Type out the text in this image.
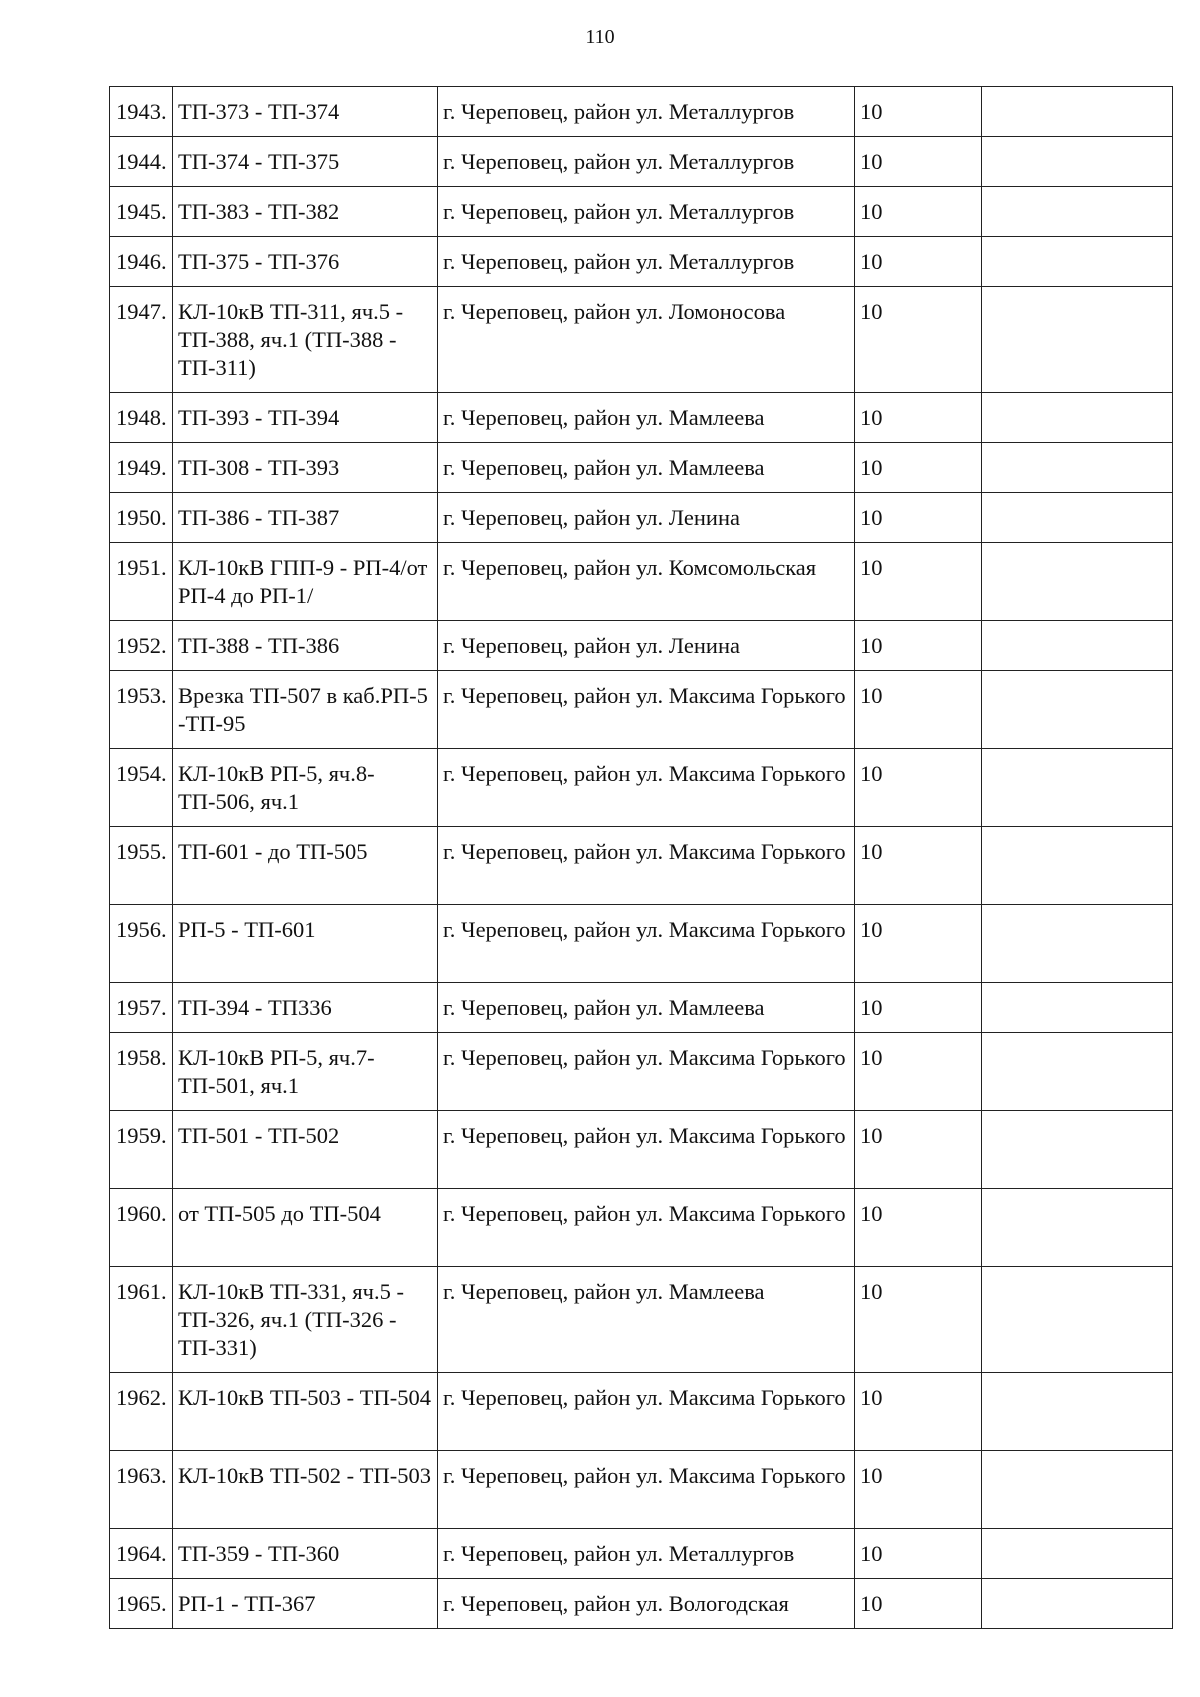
110
1943.	ТП-373 - ТП-374	г. Череповец, район ул. Металлургов	10	
1944.	ТП-374 - ТП-375	г. Череповец, район ул. Металлургов	10	
1945.	ТП-383 - ТП-382	г. Череповец, район ул. Металлургов	10	
1946.	ТП-375 - ТП-376	г. Череповец, район ул. Металлургов	10	
1947.	КЛ-10кВ ТП-311, яч.5 - ТП-388, яч.1 (ТП-388 - ТП-311)	г. Череповец, район ул. Ломоносова	10	
1948.	ТП-393 - ТП-394	г. Череповец, район ул. Мамлеева	10	
1949.	ТП-308 - ТП-393	г. Череповец, район ул. Мамлеева	10	
1950.	ТП-386 - ТП-387	г. Череповец, район ул. Ленина	10	
1951.	КЛ-10кВ ГПП-9 - РП-4/от РП-4 до РП-1/	г. Череповец, район ул. Комсомольская	10	
1952.	ТП-388 - ТП-386	г. Череповец, район ул. Ленина	10	
1953.	Врезка ТП-507 в каб.РП-5 -ТП-95	г. Череповец, район ул. Максима Горького	10	
1954.	КЛ-10кВ РП-5, яч.8-ТП-506, яч.1	г. Череповец, район ул. Максима Горького	10	
1955.	ТП-601 - до ТП-505	г. Череповец, район ул. Максима Горького	10	
1956.	РП-5 - ТП-601	г. Череповец, район ул. Максима Горького	10	
1957.	ТП-394 - ТП336	г. Череповец, район ул. Мамлеева	10	
1958.	КЛ-10кВ РП-5, яч.7-ТП-501, яч.1	г. Череповец, район ул. Максима Горького	10	
1959.	ТП-501 - ТП-502	г. Череповец, район ул. Максима Горького	10	
1960.	от ТП-505 до ТП-504	г. Череповец, район ул. Максима Горького	10	
1961.	КЛ-10кВ ТП-331, яч.5 - ТП-326, яч.1 (ТП-326 - ТП-331)	г. Череповец, район ул. Мамлеева	10	
1962.	КЛ-10кВ ТП-503 - ТП-504	г. Череповец, район ул. Максима Горького	10	
1963.	КЛ-10кВ ТП-502 - ТП-503	г. Череповец, район ул. Максима Горького	10	
1964.	ТП-359 - ТП-360	г. Череповец, район ул. Металлургов	10	
1965.	РП-1 - ТП-367	г. Череповец, район ул. Вологодская	10	
